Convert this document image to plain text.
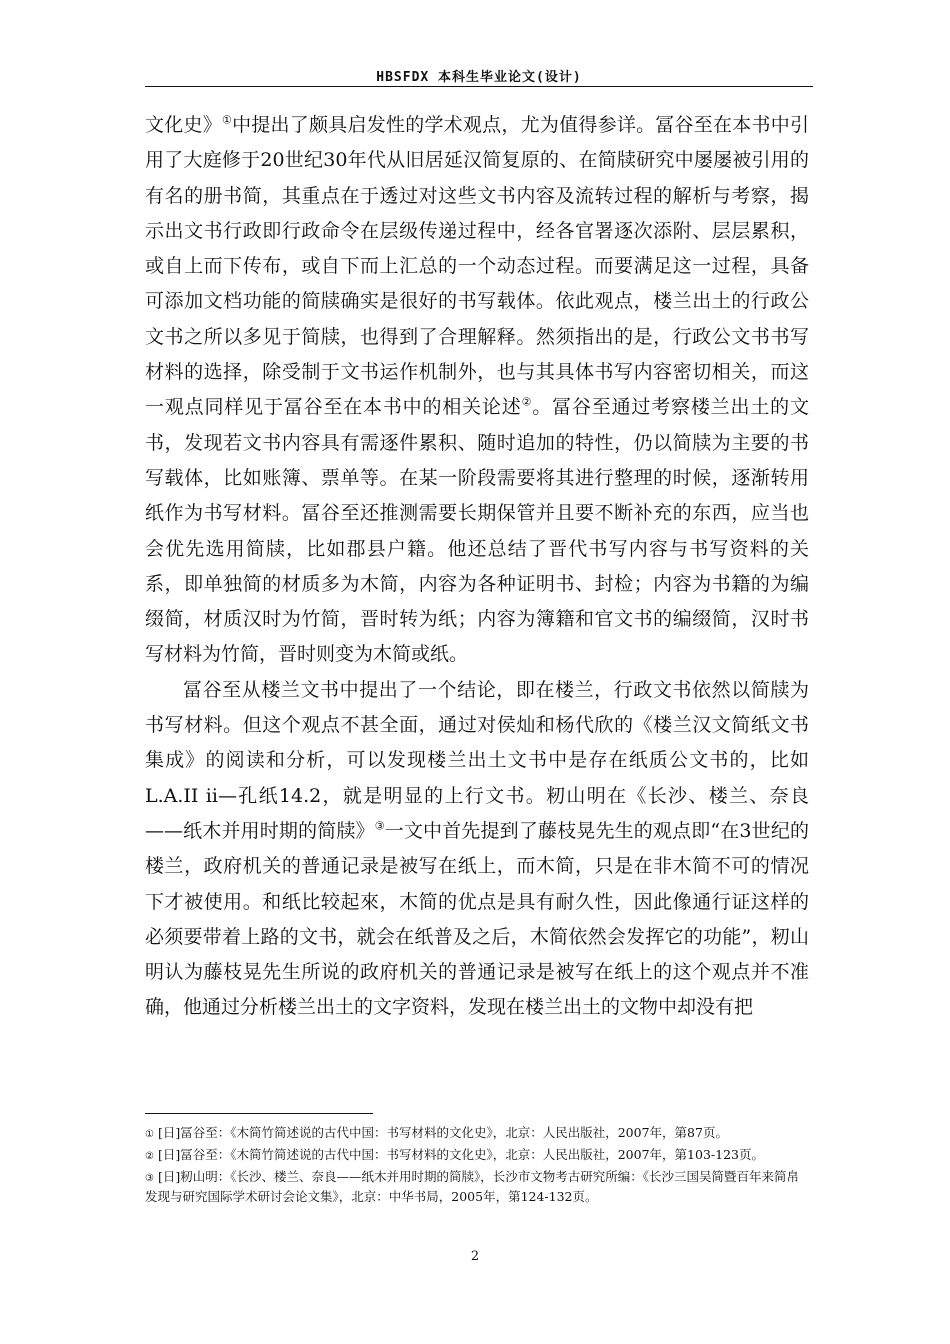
HBSFDX 本科生毕业论文(设计)

文化史》①中提出了颇具启发性的学术观点，尤为值得参详。冨谷至在本书中引用了大庭修于20世纪30年代从旧居延汉简复原的、在简牍研究中屡屡被引用的有名的册书简，其重点在于透过对这些文书内容及流转过程的解析与考察，揭示出文书行政即行政命令在层级传递过程中，经各官署逐次添附、层层累积，或自上而下传布，或自下而上汇总的一个动态过程。而要满足这一过程，具备可添加文档功能的简牍确实是很好的书写载体。依此观点，楼兰出土的行政公文书之所以多见于简牍，也得到了合理解释。然须指出的是，行政公文书书写材料的选择，除受制于文书运作机制外，也与其具体书写内容密切相关，而这一观点同样见于冨谷至在本书中的相关论述②。冨谷至通过考察楼兰出土的文书，发现若文书内容具有需逐件累积、随时追加的特性，仍以简牍为主要的书写载体，比如账簿、票单等。在某一阶段需要将其进行整理的时候，逐渐转用纸作为书写材料。冨谷至还推测需要长期保管并且要不断补充的东西，应当也会优先选用简牍，比如郡县户籍。他还总结了晋代书写内容与书写资料的关系，即单独简的材质多为木简，内容为各种证明书、封检；内容为书籍的为编缀简，材质汉时为竹简，晋时转为纸；内容为簿籍和官文书的编缀简，汉时书写材料为竹简，晋时则变为木简或纸。

冨谷至从楼兰文书中提出了一个结论，即在楼兰，行政文书依然以简牍为书写材料。但这个观点不甚全面，通过对侯灿和杨代欣的《楼兰汉文简纸文书集成》的阅读和分析，可以发现楼兰出土文书中是存在纸质公文书的，比如L.A.II ii—孔纸14.2，就是明显的上行文书。籾山明在《长沙、楼兰、奈良——纸木并用时期的简牍》③一文中首先提到了藤枝晃先生的观点即“在3世纪的楼兰，政府机关的普通记录是被写在纸上，而木简，只是在非木简不可的情况下才被使用。和纸比较起來，木简的优点是具有耐久性，因此像通行证这样的必须要带着上路的文书，就会在纸普及之后，木简依然会发挥它的功能”，籾山明认为藤枝晃先生所说的政府机关的普通记录是被写在纸上的这个观点并不准确，他通过分析楼兰出土的文字资料，发现在楼兰出土的文物中却没有把

① [日]冨谷至：《木简竹简述说的古代中国：书写材料的文化史》，北京：人民出版社，2007年，第87页。

② [日]冨谷至：《木简竹简述说的古代中国：书写材料的文化史》，北京：人民出版社，2007年，第103-123页。

③ [日]籾山明：《长沙、楼兰、奈良——纸木并用时期的简牍》，长沙市文物考古研究所编：《长沙三国吴简暨百年来简帛发现与研究国际学术研讨会论文集》，北京：中华书局，2005年，第124-132页。

2
